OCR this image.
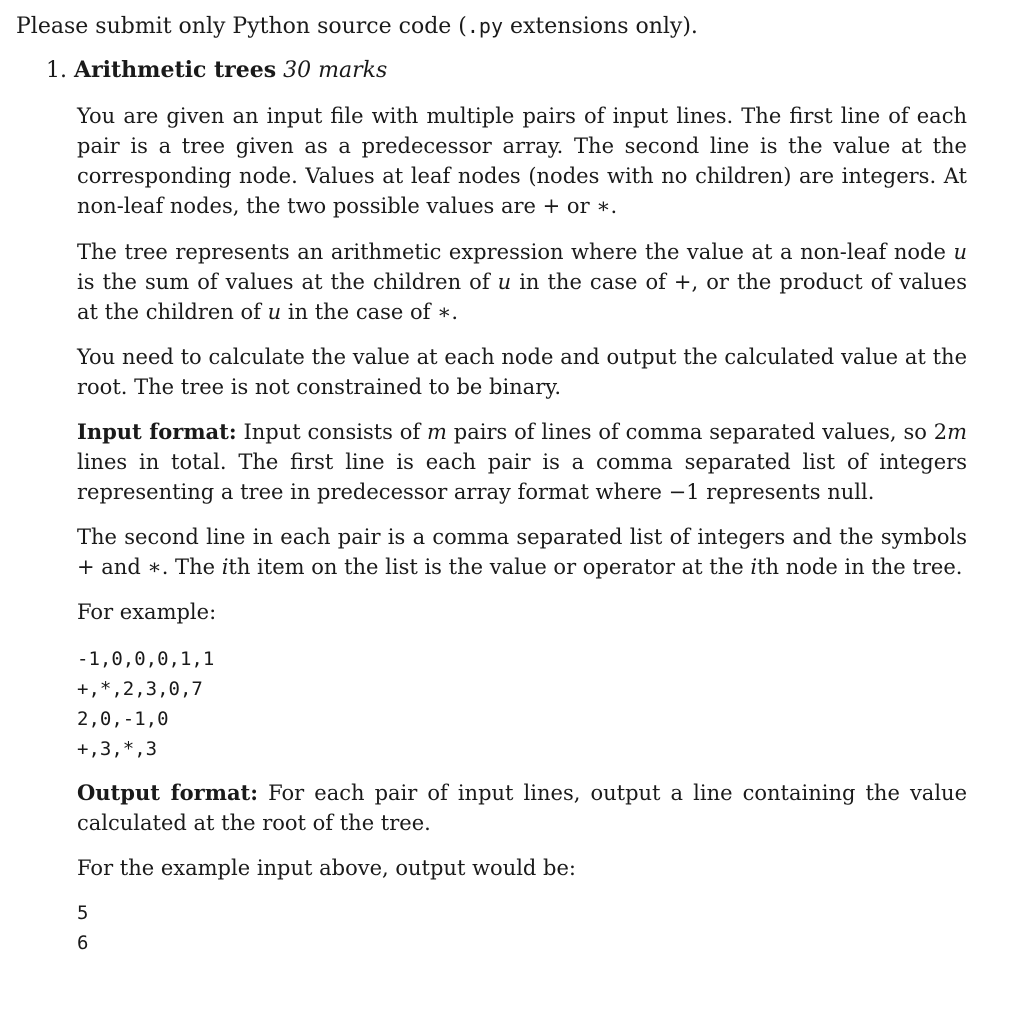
Please submit only Python source code (.py extensions only).
1. Arithmetic trees 30 marks
You are given an input file with multiple pairs of input lines. The first line of each pair is a tree given as a predecessor array. The second line is the value at the corresponding node. Values at leaf nodes (nodes with no children) are integers. At non-leaf nodes, the two possible values are + or ∗.
The tree represents an arithmetic expression where the value at a non-leaf node u is the sum of values at the children of u in the case of +, or the product of values at the children of u in the case of ∗.
You need to calculate the value at each node and output the calculated value at the root. The tree is not constrained to be binary.
Input format: Input consists of m pairs of lines of comma separated values, so 2m lines in total. The first line is each pair is a comma separated list of integers representing a tree in predecessor array format where −1 represents null.
The second line in each pair is a comma separated list of integers and the symbols + and ∗. The ith item on the list is the value or operator at the ith node in the tree.
For example:
-1,0,0,0,1,1
+,*,2,3,0,7
2,0,-1,0
+,3,*,3
Output format: For each pair of input lines, output a line containing the value calculated at the root of the tree.
For the example input above, output would be:
5
6
